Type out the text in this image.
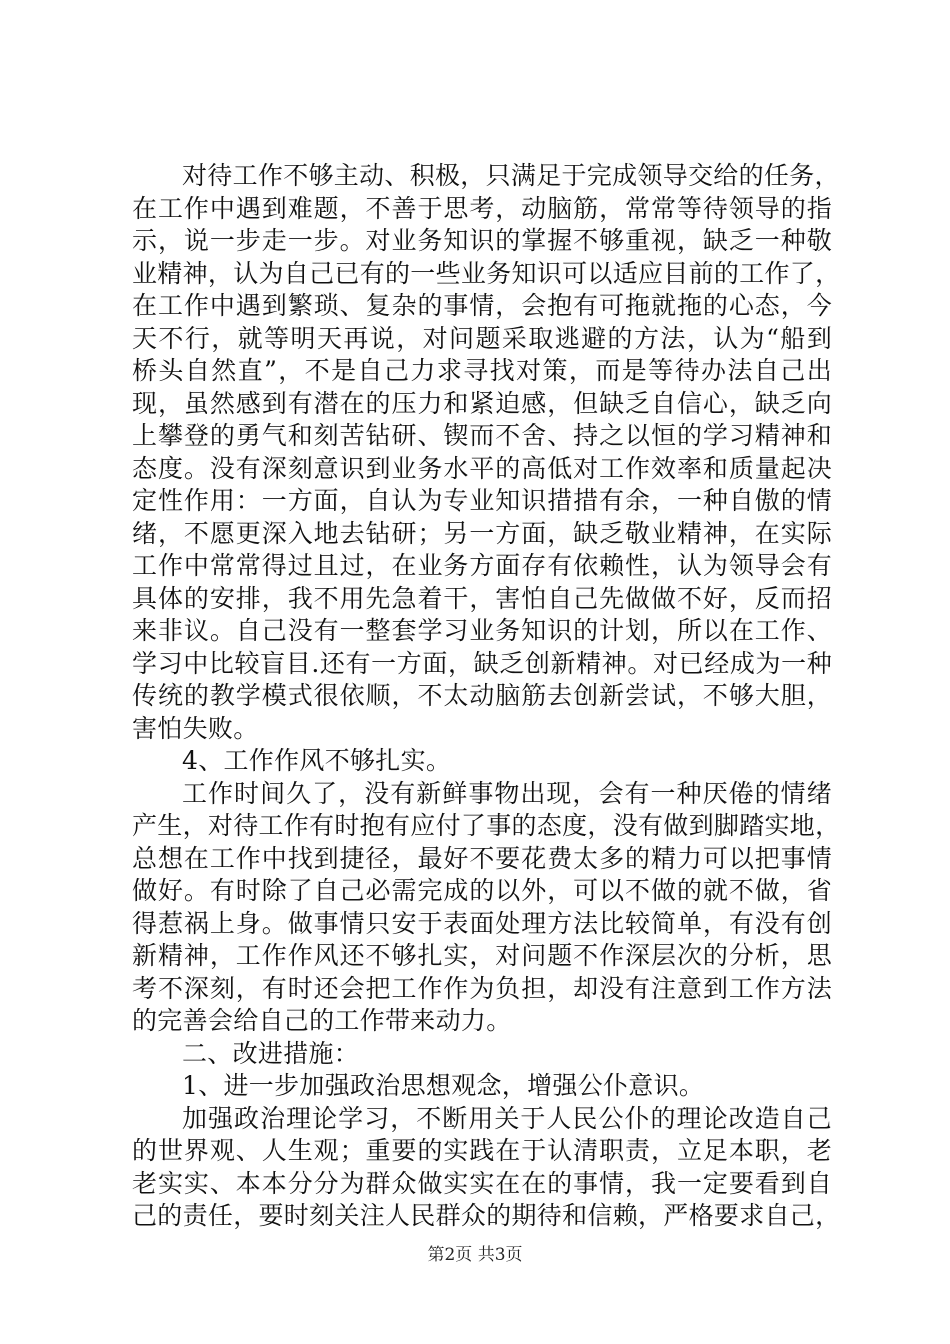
对待工作不够主动、积极，只满足于完成领导交给的任务，
在工作中遇到难题，不善于思考，动脑筋，常常等待领导的指
示，说一步走一步。对业务知识的掌握不够重视，缺乏一种敬
业精神，认为自己已有的一些业务知识可以适应目前的工作了，
在工作中遇到繁琐、复杂的事情，会抱有可拖就拖的心态，今
天不行，就等明天再说，对问题采取逃避的方法，认为“船到
桥头自然直”，不是自己力求寻找对策，而是等待办法自己出
现，虽然感到有潜在的压力和紧迫感，但缺乏自信心，缺乏向
上攀登的勇气和刻苦钻研、锲而不舍、持之以恒的学习精神和
态度。没有深刻意识到业务水平的高低对工作效率和质量起决
定性作用：一方面，自认为专业知识措措有余，一种自傲的情
绪，不愿更深入地去钻研；另一方面，缺乏敬业精神，在实际
工作中常常得过且过，在业务方面存有依赖性，认为领导会有
具体的安排，我不用先急着干，害怕自己先做做不好，反而招
来非议。自己没有一整套学习业务知识的计划，所以在工作、
学习中比较盲目.还有一方面，缺乏创新精神。对已经成为一种
传统的教学模式很依顺，不太动脑筋去创新尝试，不够大胆，
害怕失败。
4、工作作风不够扎实。
工作时间久了，没有新鲜事物出现，会有一种厌倦的情绪
产生，对待工作有时抱有应付了事的态度，没有做到脚踏实地，
总想在工作中找到捷径，最好不要花费太多的精力可以把事情
做好。有时除了自己必需完成的以外，可以不做的就不做，省
得惹祸上身。做事情只安于表面处理方法比较简单，有没有创
新精神，工作作风还不够扎实，对问题不作深层次的分析，思
考不深刻，有时还会把工作作为负担，却没有注意到工作方法
的完善会给自己的工作带来动力。
二、改进措施：
1、进一步加强政治思想观念，增强公仆意识。
加强政治理论学习，不断用关于人民公仆的理论改造自己
的世界观、人生观；重要的实践在于认清职责，立足本职，老
老实实、本本分分为群众做实实在在的事情，我一定要看到自
己的责任，要时刻关注人民群众的期待和信赖，严格要求自己，
第2页 共3页
